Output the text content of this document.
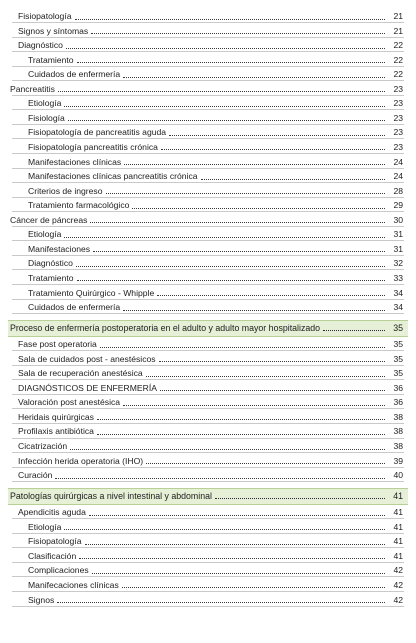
Fisiopatología	21
Signos y síntomas	21
Diagnóstico	22
Tratamiento	22
Cuidados de enfermería	22
Pancreatitis	23
Etiología	23
Fisiología	23
Fisiopatología de pancreatitis aguda	23
Fisiopatología pancreatitis crónica	23
Manifestaciones clínicas	24
Manifestaciones clínicas pancreatitis crónica	24
Criterios de ingreso	28
Tratamiento farmacológico	29
Cáncer de páncreas	30
Etiología	31
Manifestaciones	31
Diagnóstico	32
Tratamiento	33
Tratamiento Quirúrgico - Whipple	34
Cuidados de enfermería	34
Proceso de enfermería postoperatoria en el adulto y adulto mayor hospitalizado	35
Fase post operatoria	35
Sala de cuidados post - anestésicos	35
Sala de recuperación anestésica	35
DIAGNÓSTICOS DE ENFERMERÍA	36
Valoración post anestésica	36
Heridais quirúrgicas	38
Profilaxis antibiótica	38
Cicatrización	38
Infección herida operatoria (IHO)	39
Curación	40
Patologías quirúrgicas a nivel intestinal y abdominal	41
Apendicitis aguda	41
Etiología	41
Fisiopatología	41
Clasificación	41
Complicaciones	42
Manifecaciones clínicas	42
Signos	42
